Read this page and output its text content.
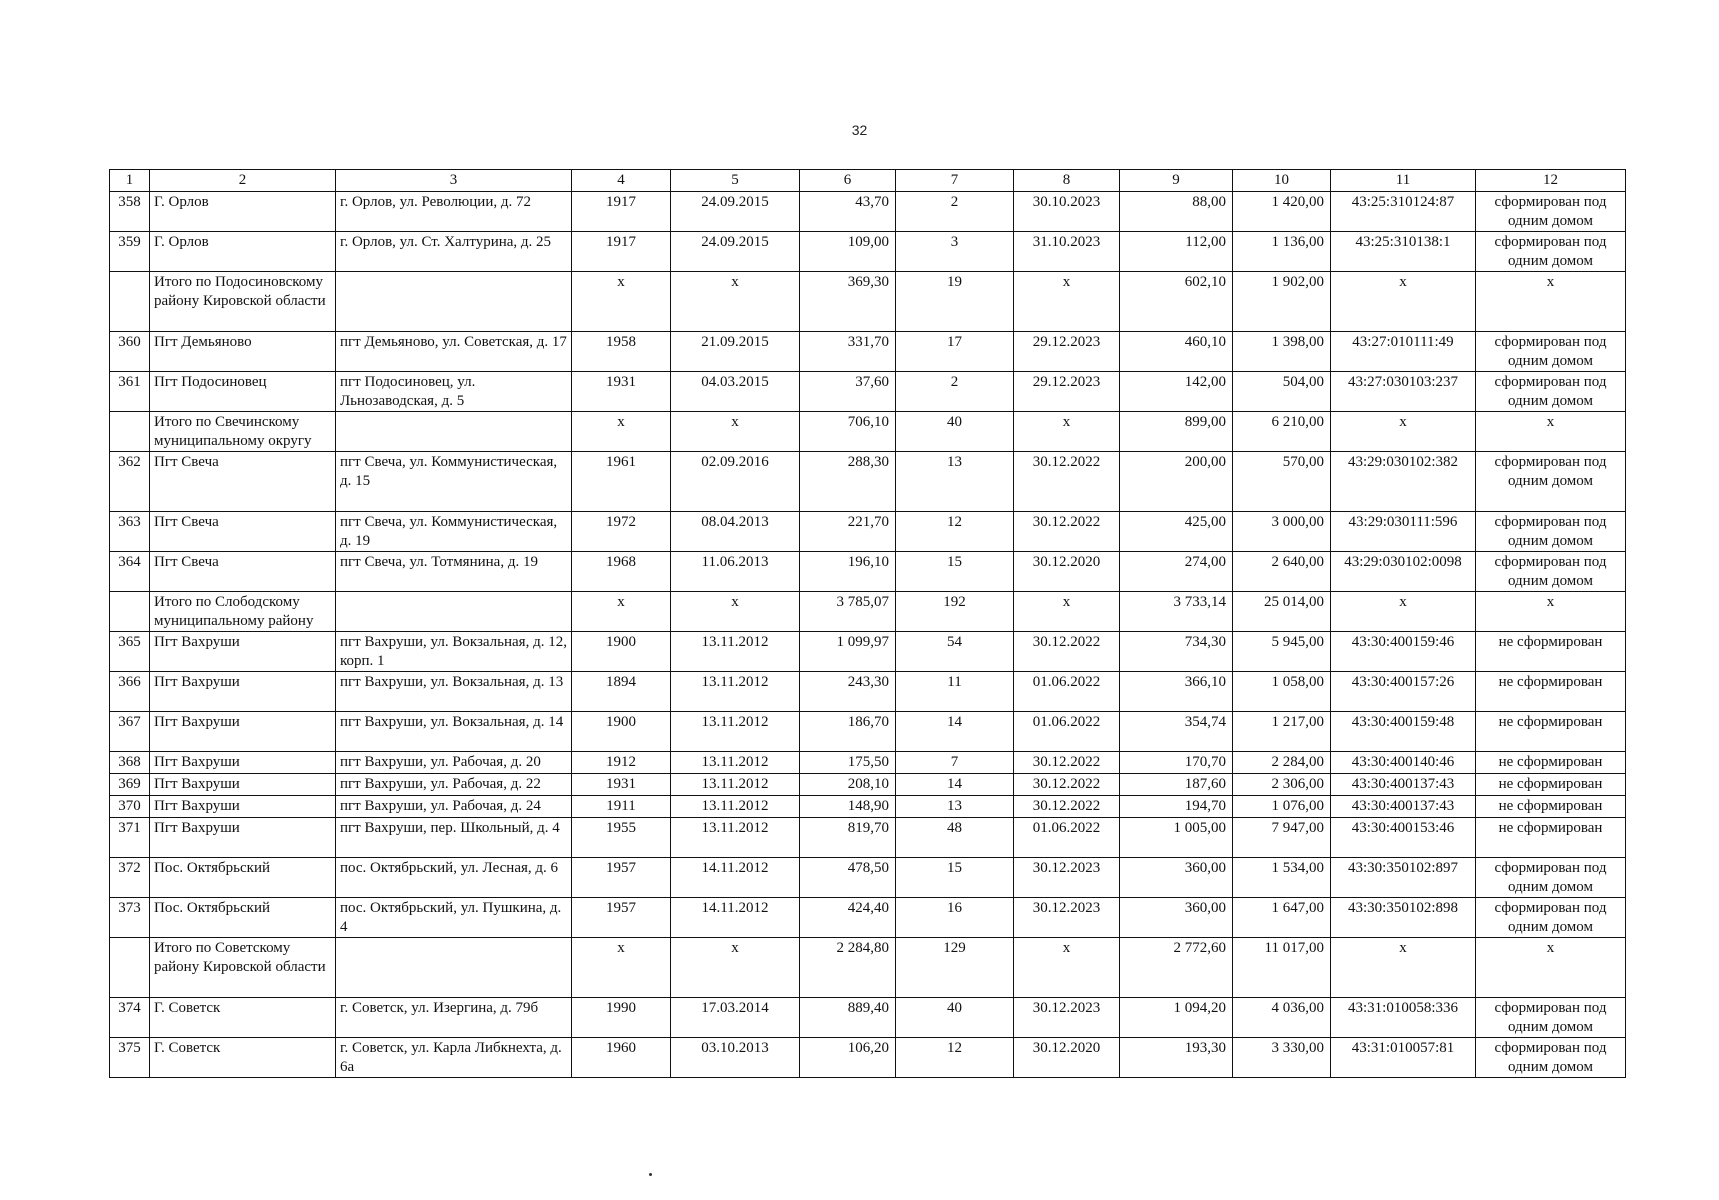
32
1	2	3	4	5	6	7	8	9	10	11	12
358	Г. Орлов	г. Орлов, ул. Революции, д. 72	1917	24.09.2015	43,70	2	30.10.2023	88,00	1 420,00	43:25:310124:87	сформирован под одним домом
359	Г. Орлов	г. Орлов, ул. Ст. Халтурина, д. 25	1917	24.09.2015	109,00	3	31.10.2023	112,00	1 136,00	43:25:310138:1	сформирован под одним домом
	Итого по Подосиновскому району Кировской области		x	x	369,30	19	x	602,10	1 902,00	x	x
360	Пгт Демьяново	пгт Демьяново, ул. Советская, д. 17	1958	21.09.2015	331,70	17	29.12.2023	460,10	1 398,00	43:27:010111:49	сформирован под одним домом
361	Пгт Подосиновец	пгт Подосиновец, ул. Льнозаводская, д. 5	1931	04.03.2015	37,60	2	29.12.2023	142,00	504,00	43:27:030103:237	сформирован под одним домом
	Итого по Свечинскому муниципальному округу		x	x	706,10	40	x	899,00	6 210,00	x	x
362	Пгт Свеча	пгт Свеча, ул. Коммунистическая, д. 15	1961	02.09.2016	288,30	13	30.12.2022	200,00	570,00	43:29:030102:382	сформирован под одним домом
363	Пгт Свеча	пгт Свеча, ул. Коммунистическая, д. 19	1972	08.04.2013	221,70	12	30.12.2022	425,00	3 000,00	43:29:030111:596	сформирован под одним домом
364	Пгт Свеча	пгт Свеча, ул. Тотмянина, д. 19	1968	11.06.2013	196,10	15	30.12.2020	274,00	2 640,00	43:29:030102:0098	сформирован под одним домом
	Итого по Слободскому муниципальному району		x	x	3 785,07	192	x	3 733,14	25 014,00	x	x
365	Пгт Вахруши	пгт Вахруши, ул. Вокзальная, д. 12, корп. 1	1900	13.11.2012	1 099,97	54	30.12.2022	734,30	5 945,00	43:30:400159:46	не сформирован
366	Пгт Вахруши	пгт Вахруши, ул. Вокзальная, д. 13	1894	13.11.2012	243,30	11	01.06.2022	366,10	1 058,00	43:30:400157:26	не сформирован
367	Пгт Вахруши	пгт Вахруши, ул. Вокзальная, д. 14	1900	13.11.2012	186,70	14	01.06.2022	354,74	1 217,00	43:30:400159:48	не сформирован
368	Пгт Вахруши	пгт Вахруши, ул. Рабочая, д. 20	1912	13.11.2012	175,50	7	30.12.2022	170,70	2 284,00	43:30:400140:46	не сформирован
369	Пгт Вахруши	пгт Вахруши, ул. Рабочая, д. 22	1931	13.11.2012	208,10	14	30.12.2022	187,60	2 306,00	43:30:400137:43	не сформирован
370	Пгт Вахруши	пгт Вахруши, ул. Рабочая, д. 24	1911	13.11.2012	148,90	13	30.12.2022	194,70	1 076,00	43:30:400137:43	не сформирован
371	Пгт Вахруши	пгт Вахруши, пер. Школьный, д. 4	1955	13.11.2012	819,70	48	01.06.2022	1 005,00	7 947,00	43:30:400153:46	не сформирован
372	Пос. Октябрьский	пос. Октябрьский, ул. Лесная, д. 6	1957	14.11.2012	478,50	15	30.12.2023	360,00	1 534,00	43:30:350102:897	сформирован под одним домом
373	Пос. Октябрьский	пос. Октябрьский, ул. Пушкина, д. 4	1957	14.11.2012	424,40	16	30.12.2023	360,00	1 647,00	43:30:350102:898	сформирован под одним домом
	Итого по Советскому району Кировской области		x	x	2 284,80	129	x	2 772,60	11 017,00	x	x
374	Г. Советск	г. Советск, ул. Изергина, д. 79б	1990	17.03.2014	889,40	40	30.12.2023	1 094,20	4 036,00	43:31:010058:336	сформирован под одним домом
375	Г. Советск	г. Советск, ул. Карла Либкнехта, д. 6а	1960	03.10.2013	106,20	12	30.12.2020	193,30	3 330,00	43:31:010057:81	сформирован под одним домом
